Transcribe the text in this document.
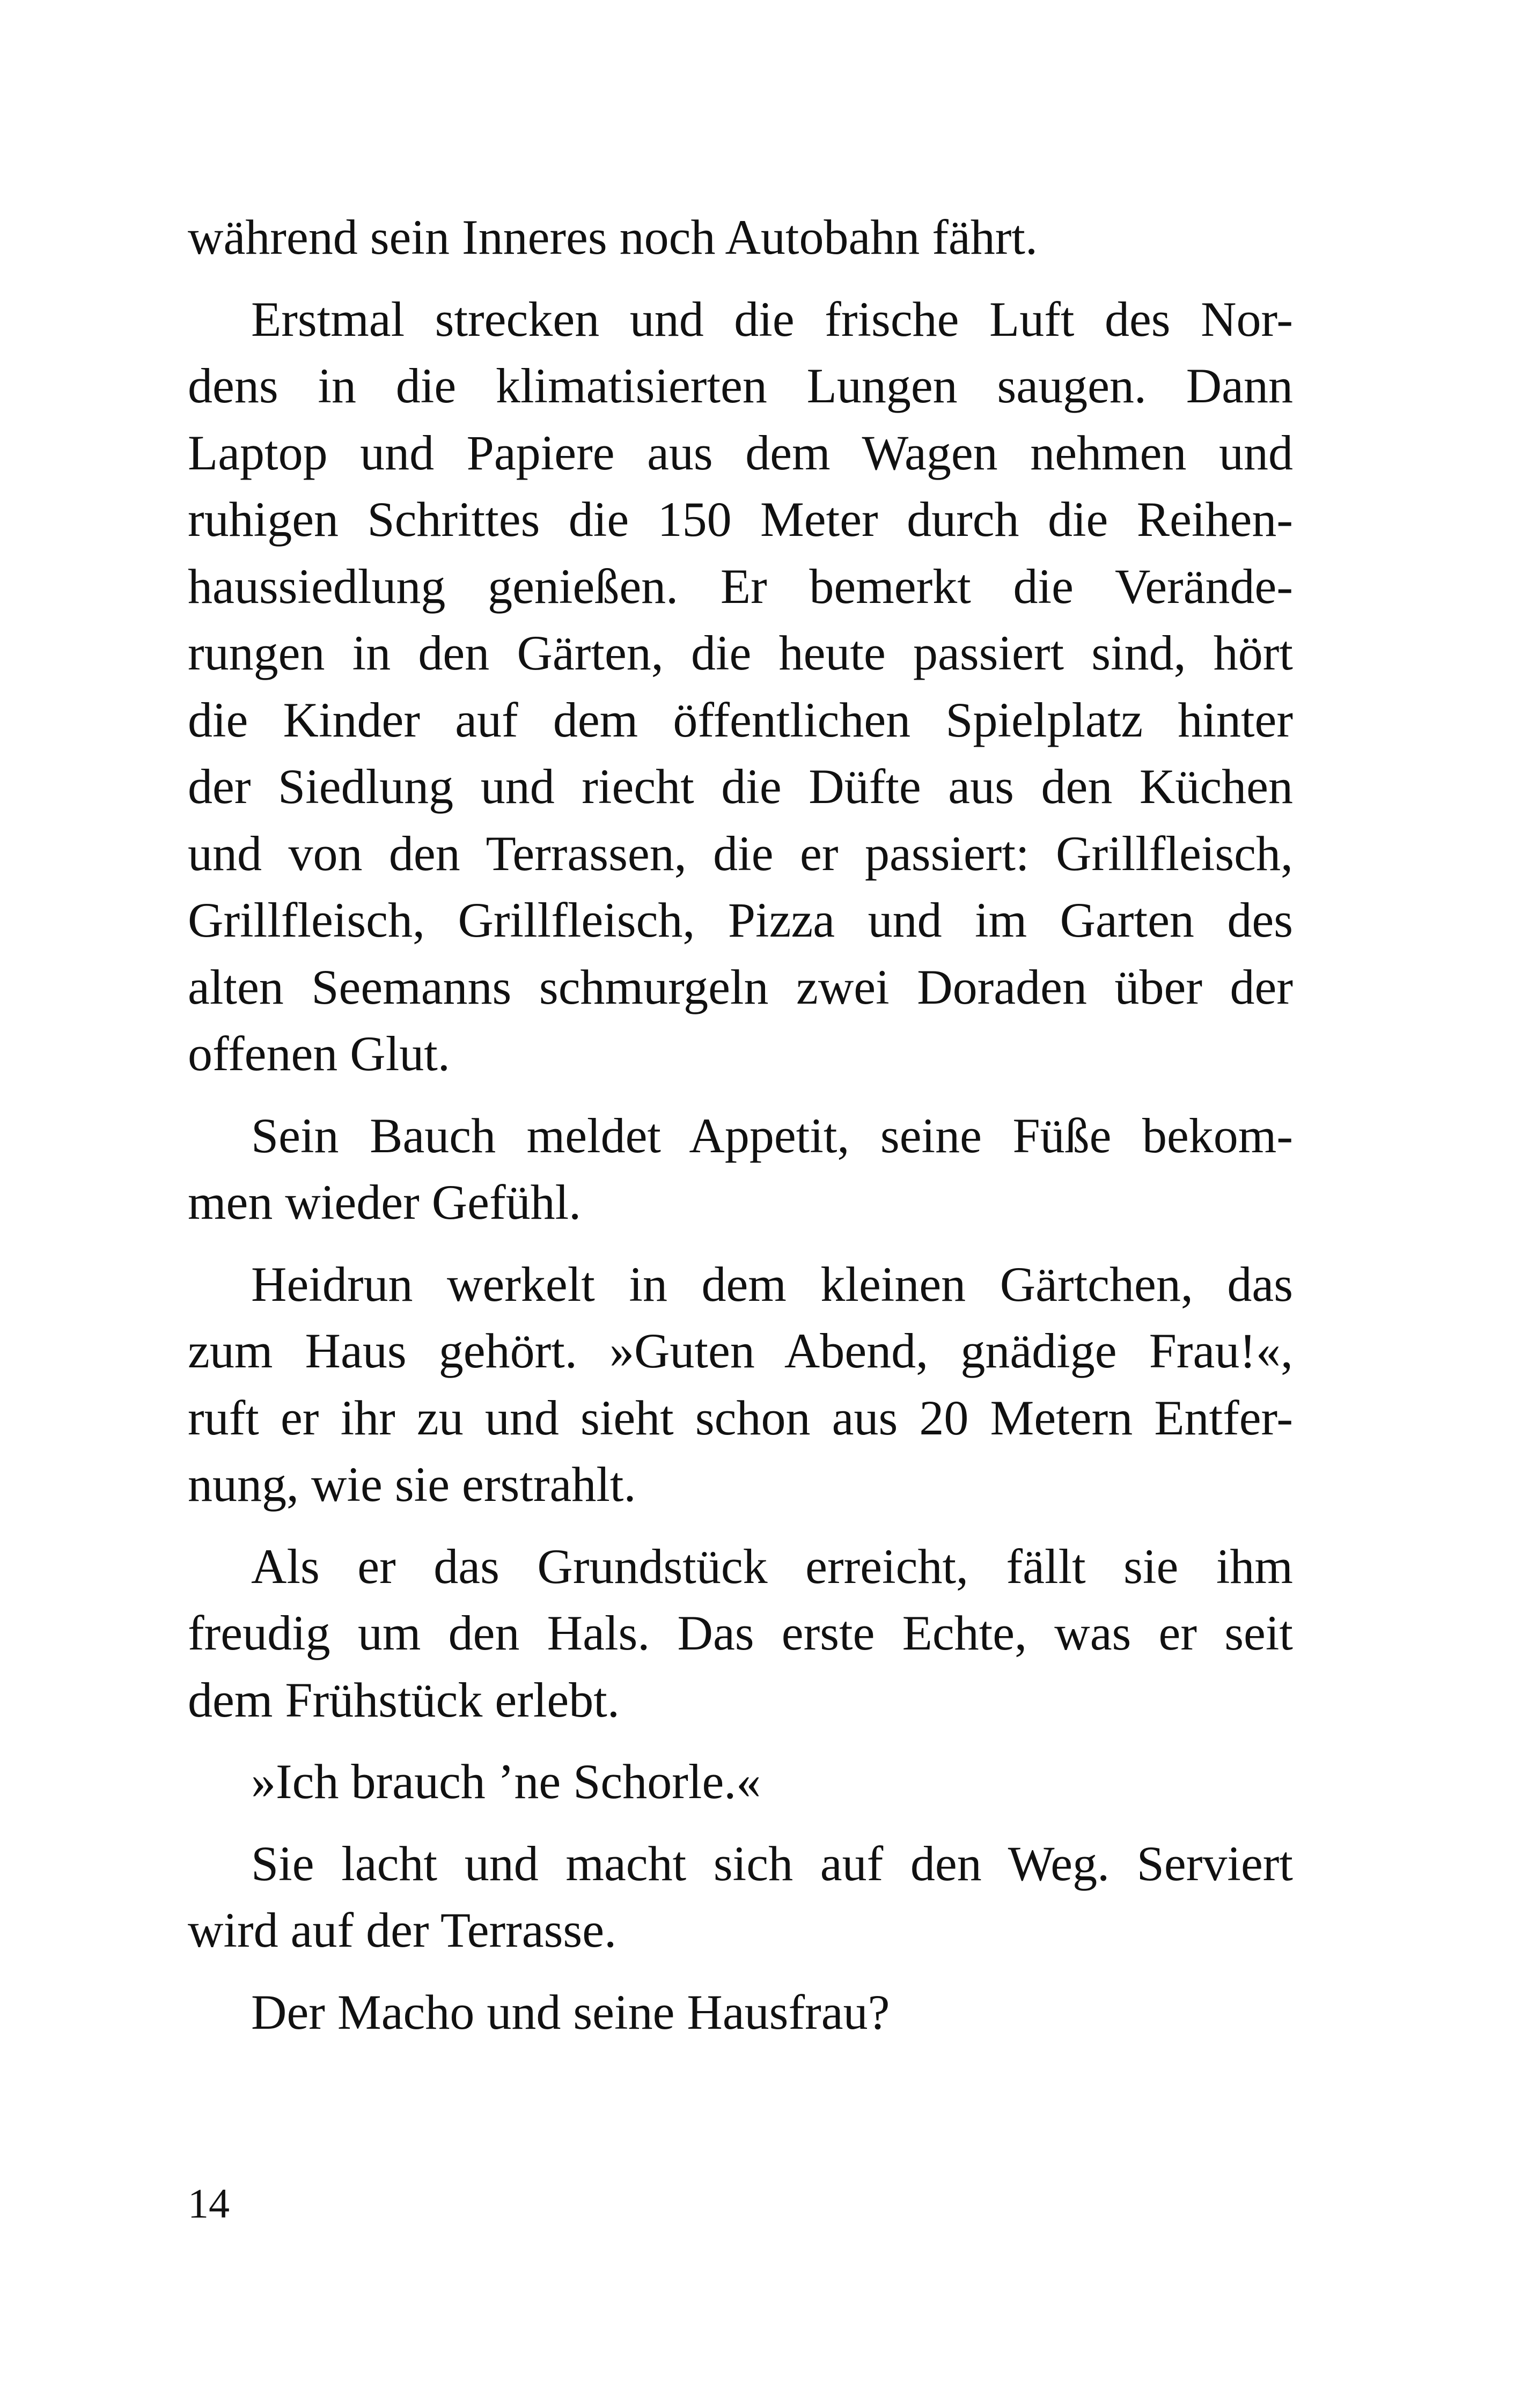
während sein Inneres noch Autobahn fährt.
Erstmal strecken und die frische Luft des Nor-
dens in die klimatisierten Lungen saugen. Dann
Laptop und Papiere aus dem Wagen nehmen und
ruhigen Schrittes die 150 Meter durch die Reihen-
haussiedlung genießen. Er bemerkt die Verände-
rungen in den Gärten, die heute passiert sind, hört
die Kinder auf dem öffentlichen Spielplatz hinter
der Siedlung und riecht die Düfte aus den Küchen
und von den Terrassen, die er passiert: Grillfleisch,
Grillfleisch, Grillfleisch, Pizza und im Garten des
alten Seemanns schmurgeln zwei Doraden über der
offenen Glut.
Sein Bauch meldet Appetit, seine Füße bekom-
men wieder Gefühl.
Heidrun werkelt in dem kleinen Gärtchen, das
zum Haus gehört. »Guten Abend, gnädige Frau!«,
ruft er ihr zu und sieht schon aus 20 Metern Entfer-
nung, wie sie erstrahlt.
Als er das Grundstück erreicht, fällt sie ihm
freudig um den Hals. Das erste Echte, was er seit
dem Frühstück erlebt.
»Ich brauch ’ne Schorle.«
Sie lacht und macht sich auf den Weg. Serviert
wird auf der Terrasse.
Der Macho und seine Hausfrau?
14
